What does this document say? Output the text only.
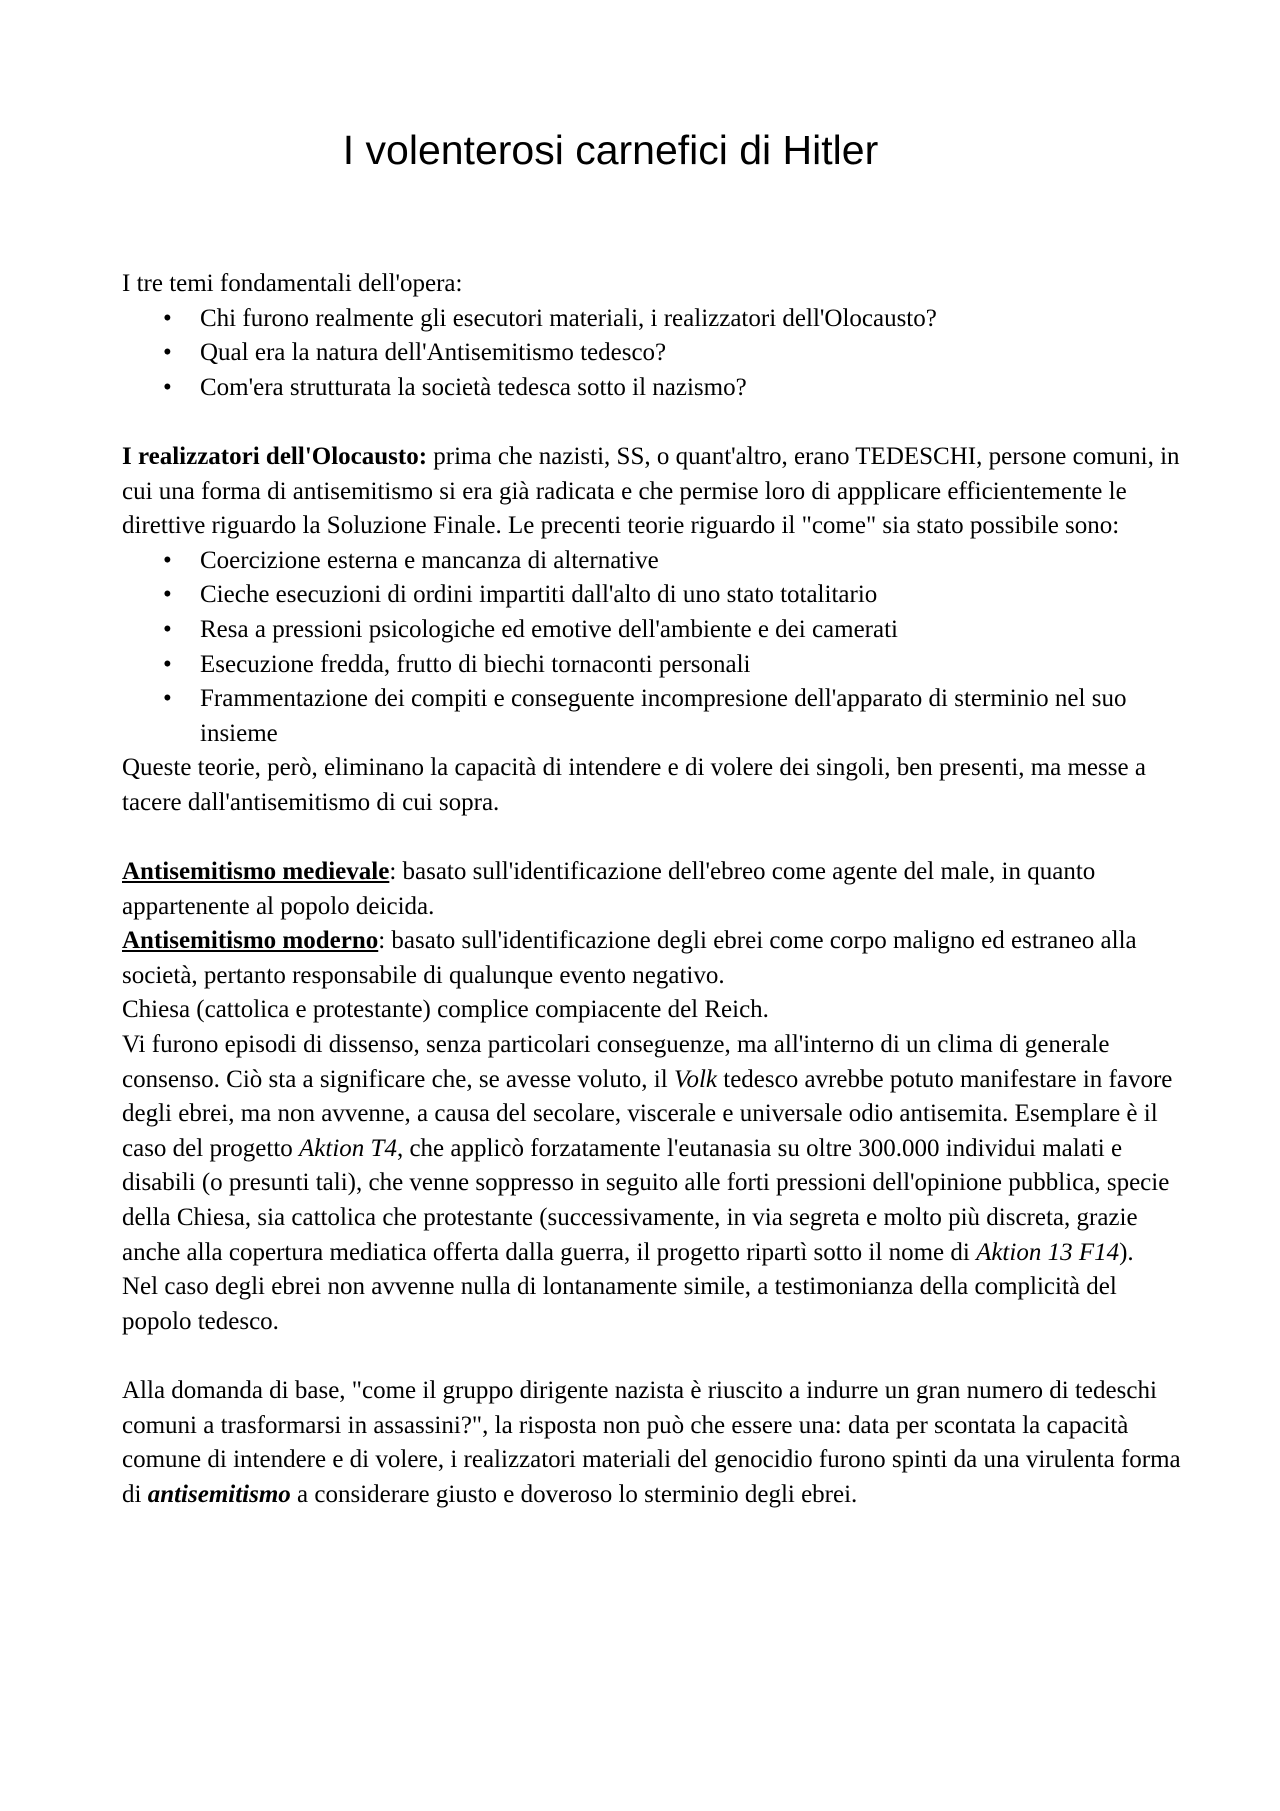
I volenterosi carnefici di Hitler

I tre temi fondamentali dell'opera:

• Chi furono realmente gli esecutori materiali, i realizzatori dell'Olocausto?
• Qual era la natura dell'Antisemitismo tedesco?
• Com'era strutturata la società tedesca sotto il nazismo?

I realizzatori dell'Olocausto: prima che nazisti, SS, o quant'altro, erano TEDESCHI, persone comuni, in cui una forma di antisemitismo si era già radicata e che permise loro di appplicare efficientemente le direttive riguardo la Soluzione Finale. Le precenti teorie riguardo il "come" sia stato possibile sono:

• Coercizione esterna e mancanza di alternative
• Cieche esecuzioni di ordini impartiti dall'alto di uno stato totalitario
• Resa a pressioni psicologiche ed emotive dell'ambiente e dei camerati
• Esecuzione fredda, frutto di biechi tornaconti personali
• Frammentazione dei compiti e conseguente incompresione dell'apparato di sterminio nel suo insieme

Queste teorie, però, eliminano la capacità di intendere e di volere dei singoli, ben presenti, ma messe a tacere dall'antisemitismo di cui sopra.

Antisemitismo medievale: basato sull'identificazione dell'ebreo come agente del male, in quanto appartenente al popolo deicida.

Antisemitismo moderno: basato sull'identificazione degli ebrei come corpo maligno ed estraneo alla società, pertanto responsabile di qualunque evento negativo.

Chiesa (cattolica e protestante) complice compiacente del Reich.

Vi furono episodi di dissenso, senza particolari conseguenze, ma all'interno di un clima di generale consenso. Ciò sta a significare che, se avesse voluto, il Volk tedesco avrebbe potuto manifestare in favore degli ebrei, ma non avvenne, a causa del secolare, viscerale e universale odio antisemita. Esemplare è il caso del progetto Aktion T4, che applicò forzatamente l'eutanasia su oltre 300.000 individui malati e disabili (o presunti tali), che venne soppresso in seguito alle forti pressioni dell'opinione pubblica, specie della Chiesa, sia cattolica che protestante (successivamente, in via segreta e molto più discreta, grazie anche alla copertura mediatica offerta dalla guerra, il progetto ripartì sotto il nome di Aktion 13 F14).

Nel caso degli ebrei non avvenne nulla di lontanamente simile, a testimonianza della complicità del popolo tedesco.

Alla domanda di base, "come il gruppo dirigente nazista è riuscito a indurre un gran numero di tedeschi comuni a trasformarsi in assassini?", la risposta non può che essere una: data per scontata la capacità comune di intendere e di volere, i realizzatori materiali del genocidio furono spinti da una virulenta forma di antisemitismo a considerare giusto e doveroso lo sterminio degli ebrei.
